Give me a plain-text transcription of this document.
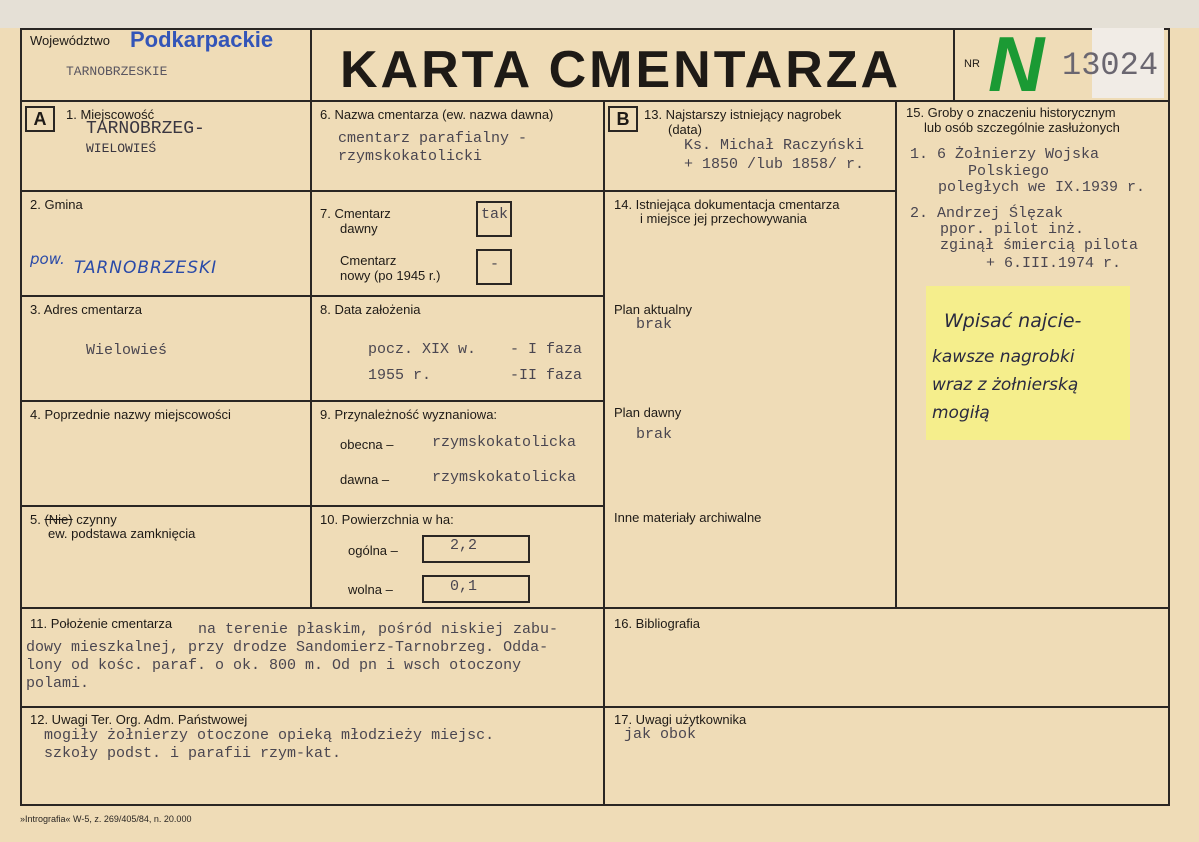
Województwo Podkarpackie
TARNOBRZESKIE	KARTA CMENTARZA	NR N 13024
A	B
1. Miejscowość
TARNOBRZEG-
WIELOWIEŚ
2. Gmina
pow. TARNOBRZESKI
3. Adres cmentarza
Wielowieś
4. Poprzednie nazwy miejscowości
5. (Nie) czynny
ew. podstawa zamknięcia
6. Nazwa cmentarza (ew. nazwa dawna)
cmentarz parafialny -
rzymskokatolicki
7. Cmentarz
dawny
tak
Cmentarz
nowy (po 1945 r.)
-
8. Data założenia
pocz. XIX w. - I faza
1955 r.	-II faza
9. Przynależność wyznaniowa:
obecna –	rzymskokatolicka
dawna –	rzymskokatolicka
10. Powierzchnia w ha:
ogólna –	2,2
wolna –	0,1
11. Położenie cmentarza na terenie płaskim, pośród niskiej zabu-
dowy mieszkalnej, przy drodze Sandomierz-Tarnobrzeg. Odda-
lony od kośc. paraf. o ok. 800 m. Od pn i wsch otoczony
polami.
12. Uwagi Ter. Org. Adm. Państwowej
mogiły żołnierzy otoczone opieką młodzieży miejsc.
szkoły podst. i parafii rzym-kat.
13. Najstarszy istniejący nagrobek
(data)
Ks. Michał Raczyński
+ 1850 /lub 1858/ r.
14. Istniejąca dokumentacja cmentarza
i miejsce jej przechowywania
Plan aktualny
brak
Plan dawny
brak
Inne materiały archiwalne
15. Groby o znaczeniu historycznym
lub osób szczególnie zasłużonych
1. 6 Żołnierzy Wojska
Polskiego
poległych we IX.1939 r.
2. Andrzej Ślęzak
ppor. pilot inż.
zginął śmiercią pilota
+ 6.III.1974 r.
Wpisać najcie-
kawsze nagrobki
wraz z żołnierską
mogiłą
16. Bibliografia
17. Uwagi użytkownika
jak obok
»Intrografia« W-5, z. 269/405/84, n. 20.000
